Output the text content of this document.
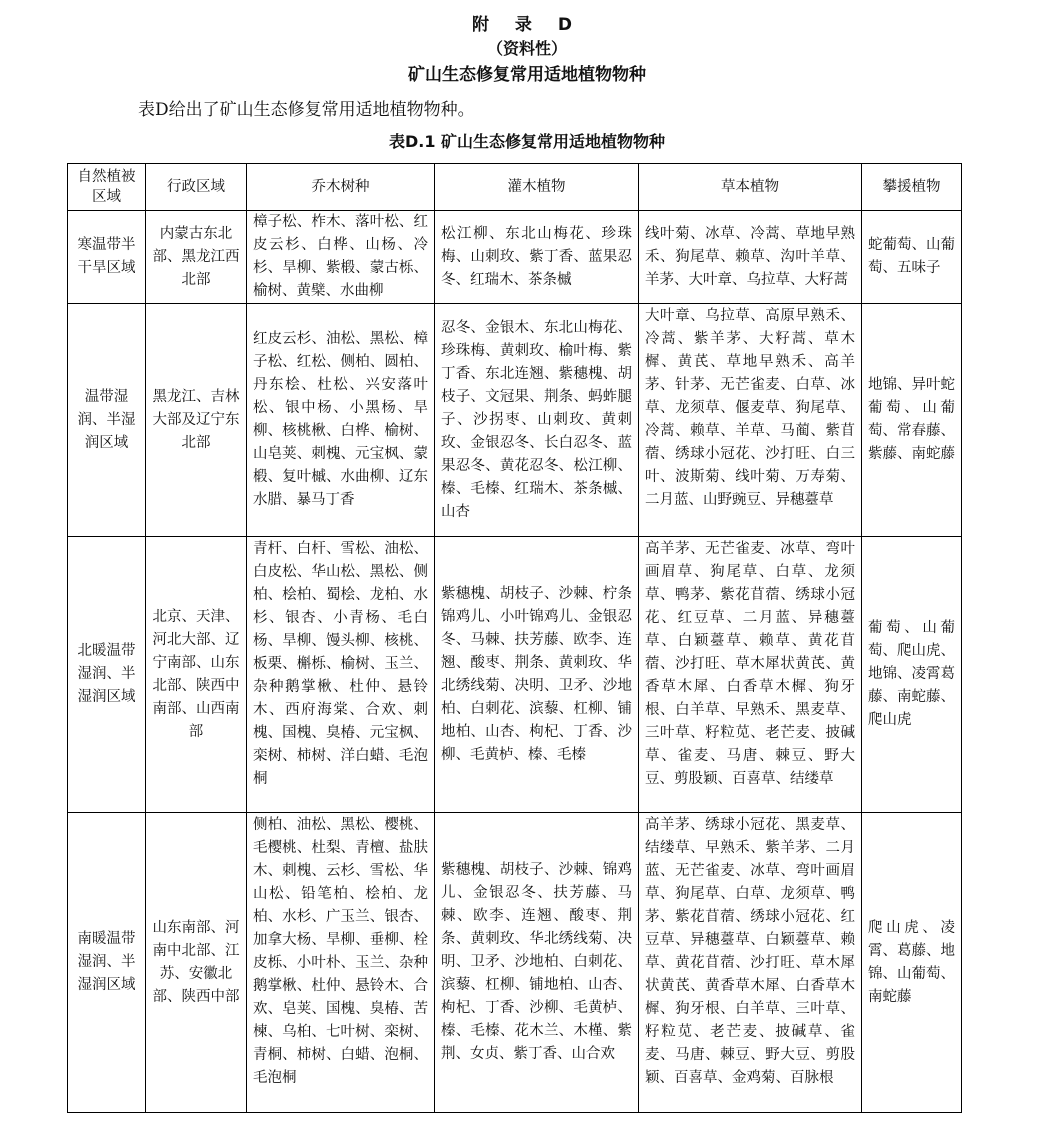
附 录 D
（资料性）
矿山生态修复常用适地植物物种
表D给出了矿山生态修复常用适地植物物种。
表D.1 矿山生态修复常用适地植物物种
自然植被区域	行政区域	乔木树种	灌木植物	草本植物	攀援植物
寒温带半干旱区域	内蒙古东北部、黑龙江西北部	樟子松、柞木、落叶松、红皮云杉、白桦、山杨、冷杉、旱柳、紫椴、蒙古栎、榆树、黄檗、水曲柳	松江柳、东北山梅花、珍珠梅、山刺玫、紫丁香、蓝果忍冬、红瑞木、茶条槭	线叶菊、冰草、冷蒿、草地早熟禾、狗尾草、赖草、沟叶羊草、羊茅、大叶章、乌拉草、大籽蒿	蛇葡萄、山葡萄、五味子
温带湿润、半湿润区域	黑龙江、吉林大部及辽宁东北部	红皮云杉、油松、黑松、樟子松、红松、侧柏、圆柏、丹东桧、杜松、兴安落叶松、银中杨、小黑杨、旱柳、核桃楸、白桦、榆树、山皂荚、刺槐、元宝枫、蒙椴、复叶槭、水曲柳、辽东水腊、暴马丁香	忍冬、金银木、东北山梅花、珍珠梅、黄刺玫、榆叶梅、紫丁香、东北连翘、紫穗槐、胡枝子、文冠果、荆条、蚂蚱腿子、沙拐枣、山刺玫、黄刺玫、金银忍冬、长白忍冬、蓝果忍冬、黄花忍冬、松江柳、榛、毛榛、红瑞木、茶条槭、山杏	大叶章、乌拉草、高原早熟禾、冷蒿、紫羊茅、大籽蒿、草木樨、黄芪、草地早熟禾、高羊茅、针茅、无芒雀麦、白草、冰草、龙须草、偃麦草、狗尾草、冷蒿、赖草、羊草、马蔺、紫苜蓿、绣球小冠花、沙打旺、白三叶、波斯菊、线叶菊、万寿菊、二月蓝、山野豌豆、异穗薹草	地锦、异叶蛇葡萄、山葡萄、常春藤、紫藤、南蛇藤
北暖温带湿润、半湿润区域	北京、天津、河北大部、辽宁南部、山东北部、陕西中南部、山西南部	青杆、白杆、雪松、油松、白皮松、华山松、黑松、侧柏、桧柏、蜀桧、龙柏、水杉、银杏、小青杨、毛白杨、旱柳、馒头柳、核桃、板栗、槲栎、榆树、玉兰、杂种鹅掌楸、杜仲、悬铃木、西府海棠、合欢、刺槐、国槐、臭椿、元宝枫、栾树、柿树、洋白蜡、毛泡桐	紫穗槐、胡枝子、沙棘、柠条锦鸡儿、小叶锦鸡儿、金银忍冬、马棘、扶芳藤、欧李、连翘、酸枣、荆条、黄刺玫、华北绣线菊、决明、卫矛、沙地柏、白刺花、滨藜、杠柳、铺地柏、山杏、枸杞、丁香、沙柳、毛黄栌、榛、毛榛	高羊茅、无芒雀麦、冰草、弯叶画眉草、狗尾草、白草、龙须草、鸭茅、紫花苜蓿、绣球小冠花、红豆草、二月蓝、异穗薹草、白颖薹草、赖草、黄花苜蓿、沙打旺、草木犀状黄芪、黄香草木犀、白香草木樨、狗牙根、白羊草、早熟禾、黑麦草、三叶草、籽粒苋、老芒麦、披碱草、雀麦、马唐、棘豆、野大豆、剪股颖、百喜草、结缕草	葡萄、山葡萄、爬山虎、地锦、凌霄葛藤、南蛇藤、爬山虎
南暖温带湿润、半湿润区域	山东南部、河南中北部、江苏、安徽北部、陕西中部	侧柏、油松、黑松、樱桃、毛樱桃、杜梨、青檀、盐肤木、刺槐、云杉、雪松、华山松、铅笔柏、桧柏、龙柏、水杉、广玉兰、银杏、加拿大杨、旱柳、垂柳、栓皮栎、小叶朴、玉兰、杂种鹅掌楸、杜仲、悬铃木、合欢、皂荚、国槐、臭椿、苦楝、乌桕、七叶树、栾树、青桐、柿树、白蜡、泡桐、毛泡桐	紫穗槐、胡枝子、沙棘、锦鸡儿、金银忍冬、扶芳藤、马棘、欧李、连翘、酸枣、荆条、黄刺玫、华北绣线菊、决明、卫矛、沙地柏、白刺花、滨藜、杠柳、铺地柏、山杏、枸杞、丁香、沙柳、毛黄栌、榛、毛榛、花木兰、木槿、紫荆、女贞、紫丁香、山合欢	高羊茅、绣球小冠花、黑麦草、结缕草、早熟禾、紫羊茅、二月蓝、无芒雀麦、冰草、弯叶画眉草、狗尾草、白草、龙须草、鸭茅、紫花苜蓿、绣球小冠花、红豆草、异穗薹草、白颖薹草、赖草、黄花苜蓿、沙打旺、草木犀状黄芪、黄香草木犀、白香草木樨、狗牙根、白羊草、三叶草、籽粒苋、老芒麦、披碱草、雀麦、马唐、棘豆、野大豆、剪股颖、百喜草、金鸡菊、百脉根	爬山虎、凌霄、葛藤、地锦、山葡萄、南蛇藤
